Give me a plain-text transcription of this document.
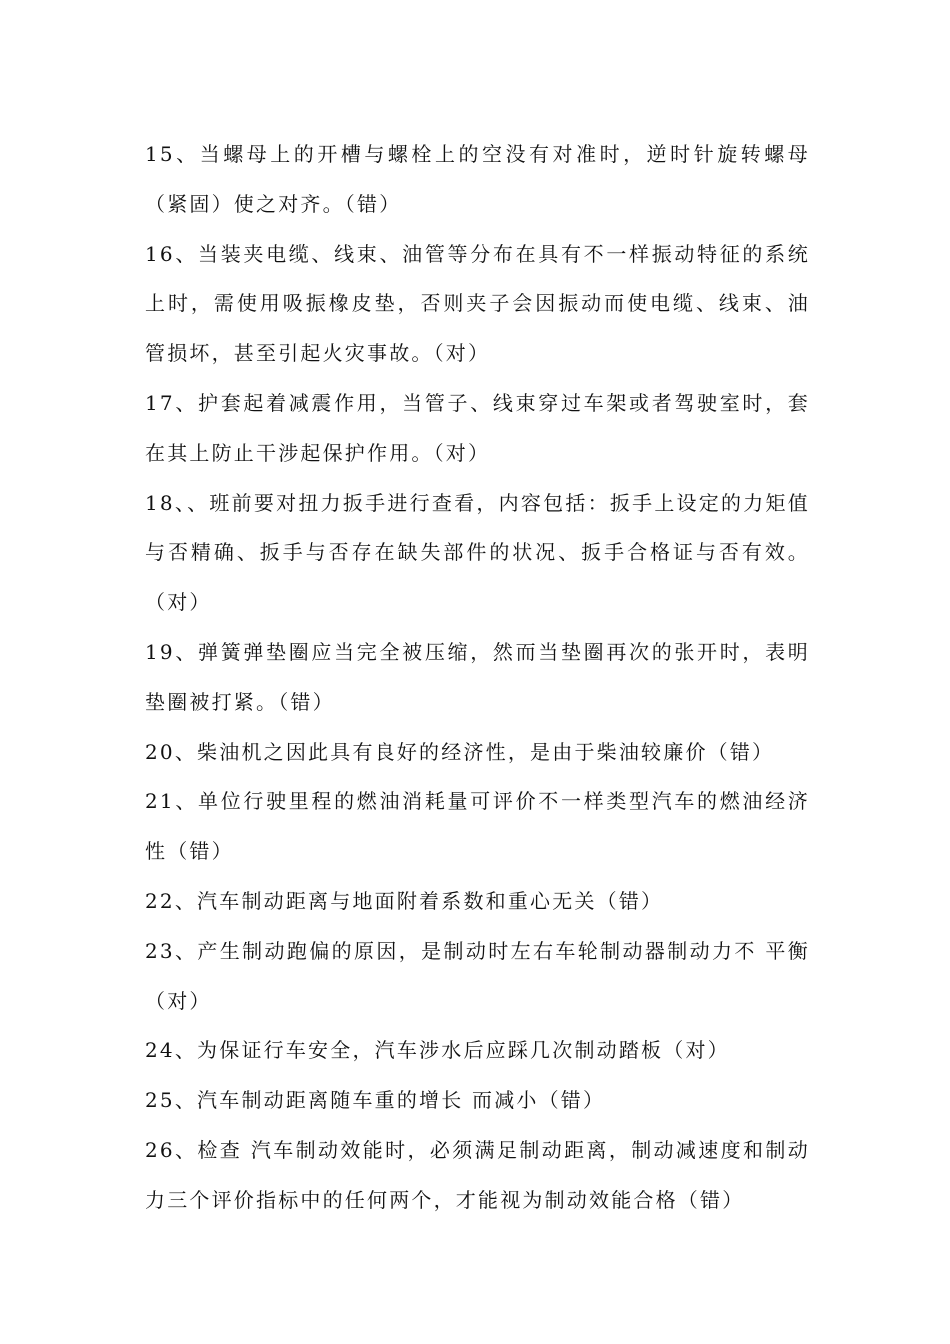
15、当螺母上的开槽与螺栓上的空没有对准时，逆时针旋转螺母（紧固）使之对齐。（错）

16、当装夹电缆、线束、油管等分布在具有不一样振动特征的系统上时，需使用吸振橡皮垫，否则夹子会因振动而使电缆、线束、油管损坏，甚至引起火灾事故。（对）

17、护套起着减震作用，当管子、线束穿过车架或者驾驶室时，套在其上防止干涉起保护作用。（对）

18、、班前要对扭力扳手进行查看，内容包括：扳手上设定的力矩值与否精确、扳手与否存在缺失部件的状况、扳手合格证与否有效。（对）

19、弹簧弹垫圈应当完全被压缩，然而当垫圈再次的张开时，表明垫圈被打紧。（错）

20、柴油机之因此具有良好的经济性，是由于柴油较廉价（错）

21、单位行驶里程的燃油消耗量可评价不一样类型汽车的燃油经济性（错）

22、汽车制动距离与地面附着系数和重心无关（错）

23、产生制动跑偏的原因，是制动时左右车轮制动器制动力不 平衡（对）

24、为保证行车安全，汽车涉水后应踩几次制动踏板（对）

25、汽车制动距离随车重的增长 而减小（错）

26、检查 汽车制动效能时，必须满足制动距离，制动减速度和制动力三个评价指标中的任何两个，才能视为制动效能合格（错）
